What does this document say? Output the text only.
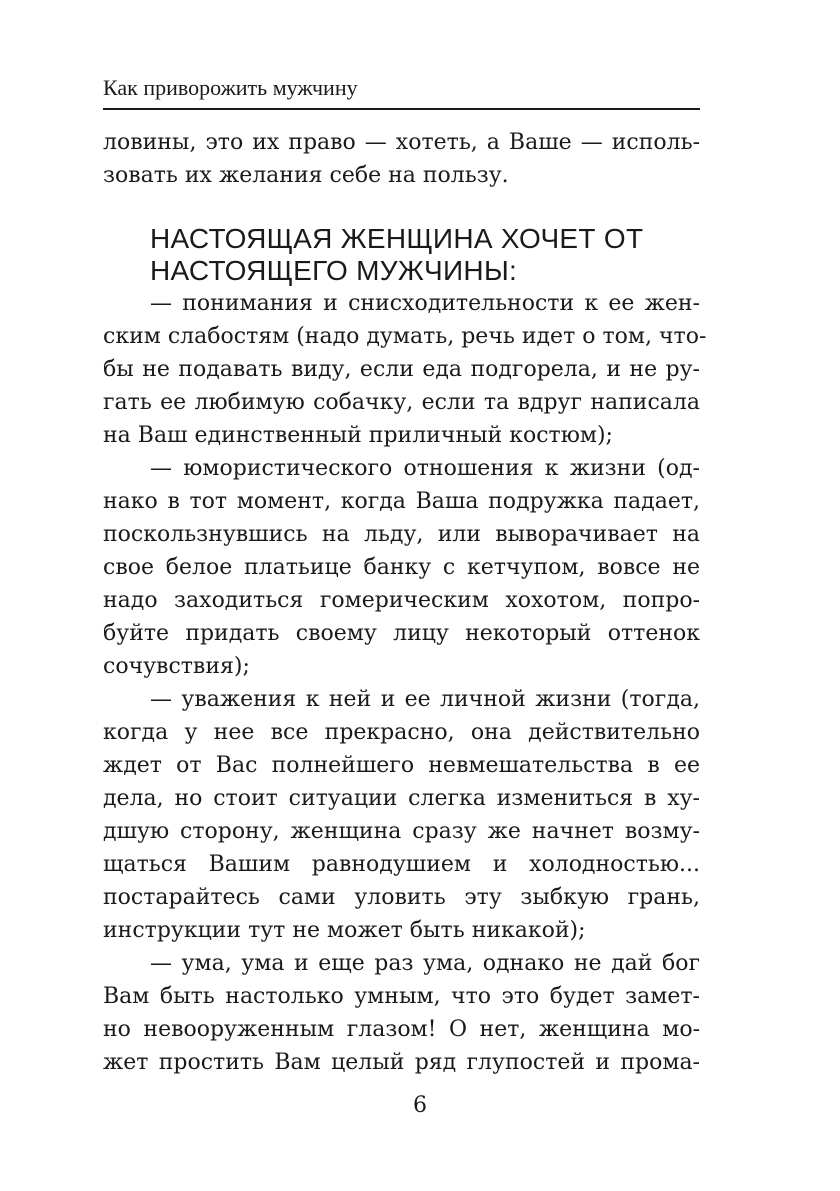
Как приворожить мужчину
ловины, это их право — хотеть, а Ваше — исполь-
зовать их желания себе на пользу.
НАСТОЯЩАЯ ЖЕНЩИНА ХОЧЕТ ОТ
НАСТОЯЩЕГО МУЖЧИНЫ:
— понимания и снисходительности к ее жен-
ским слабостям (надо думать, речь идет о том, что-
бы не подавать виду, если еда подгорела, и не ру-
гать ее любимую собачку, если та вдруг написала
на Ваш единственный приличный костюм);
— юмористического отношения к жизни (од-
нако в тот момент, когда Ваша подружка падает,
поскользнувшись на льду, или выворачивает на
свое белое платьице банку с кетчупом, вовсе не
надо заходиться гомерическим хохотом, попро-
буйте придать своему лицу некоторый оттенок
сочувствия);
— уважения к ней и ее личной жизни (тогда,
когда у нее все прекрасно, она действительно
ждет от Вас полнейшего невмешательства в ее
дела, но стоит ситуации слегка измениться в ху-
дшую сторону, женщина сразу же начнет возму-
щаться Вашим равнодушием и холодностью...
постарайтесь сами уловить эту зыбкую грань,
инструкции тут не может быть никакой);
— ума, ума и еще раз ума, однако не дай бог
Вам быть настолько умным, что это будет замет-
но невооруженным глазом! О нет, женщина мо-
жет простить Вам целый ряд глупостей и прома-
6
